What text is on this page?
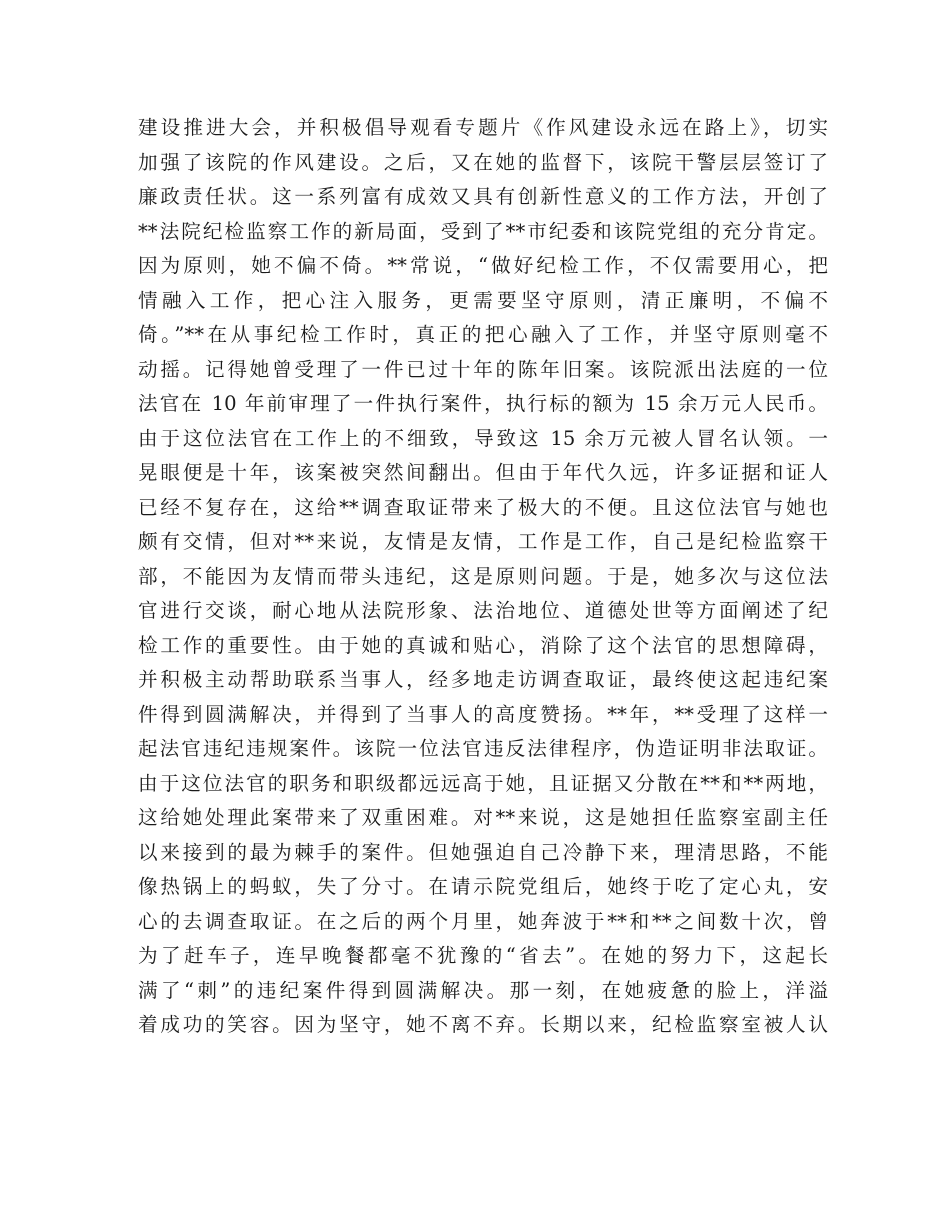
建设推进大会，并积极倡导观看专题片《作风建设永远在路上》，切实
加强了该院的作风建设。之后，又在她的监督下，该院干警层层签订了
廉政责任状。这一系列富有成效又具有创新性意义的工作方法，开创了
**法院纪检监察工作的新局面，受到了**市纪委和该院党组的充分肯定。
因为原则，她不偏不倚。**常说，“做好纪检工作，不仅需要用心，把
情融入工作，把心注入服务，更需要坚守原则，清正廉明，不偏不
倚。”**在从事纪检工作时，真正的把心融入了工作，并坚守原则毫不
动摇。记得她曾受理了一件已过十年的陈年旧案。该院派出法庭的一位
法官在 10 年前审理了一件执行案件，执行标的额为 15 余万元人民币。
由于这位法官在工作上的不细致，导致这 15 余万元被人冒名认领。一
晃眼便是十年，该案被突然间翻出。但由于年代久远，许多证据和证人
已经不复存在，这给**调查取证带来了极大的不便。且这位法官与她也
颇有交情，但对**来说，友情是友情，工作是工作，自己是纪检监察干
部，不能因为友情而带头违纪，这是原则问题。于是，她多次与这位法
官进行交谈，耐心地从法院形象、法治地位、道德处世等方面阐述了纪
检工作的重要性。由于她的真诚和贴心，消除了这个法官的思想障碍，
并积极主动帮助联系当事人，经多地走访调查取证，最终使这起违纪案
件得到圆满解决，并得到了当事人的高度赞扬。**年，**受理了这样一
起法官违纪违规案件。该院一位法官违反法律程序，伪造证明非法取证。
由于这位法官的职务和职级都远远高于她，且证据又分散在**和**两地，
这给她处理此案带来了双重困难。对**来说，这是她担任监察室副主任
以来接到的最为棘手的案件。但她强迫自己冷静下来，理清思路，不能
像热锅上的蚂蚁，失了分寸。在请示院党组后，她终于吃了定心丸，安
心的去调查取证。在之后的两个月里，她奔波于**和**之间数十次，曾
为了赶车子，连早晚餐都毫不犹豫的“省去”。在她的努力下，这起长
满了“刺”的违纪案件得到圆满解决。那一刻，在她疲惫的脸上，洋溢
着成功的笑容。因为坚守，她不离不弃。长期以来，纪检监察室被人认
